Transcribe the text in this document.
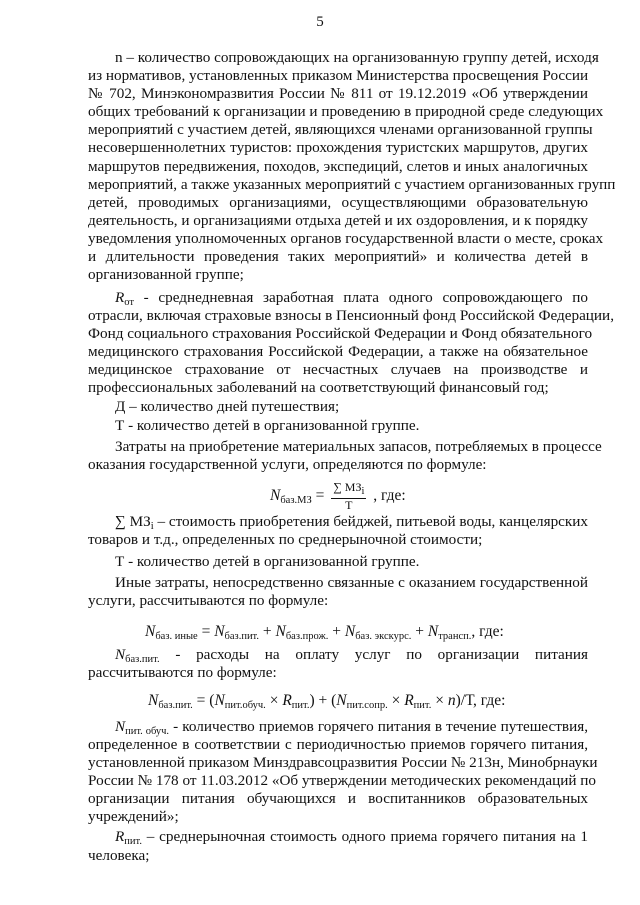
5
n – количество сопровождающих на организованную группу детей, исходя
из нормативов, установленных приказом Министерства просвещения России
№ 702, Минэкономразвития России № 811 от 19.12.2019 «Об утверждении
общих требований к организации и проведению в природной среде следующих
мероприятий с участием детей, являющихся членами организованной группы
несовершеннолетних туристов: прохождения туристских маршрутов, других
маршрутов передвижения, походов, экспедиций, слетов и иных аналогичных
мероприятий, а также указанных мероприятий с участием организованных групп
детей, проводимых организациями, осуществляющими образовательную
деятельность, и организациями отдыха детей и их оздоровления, и к порядку
уведомления уполномоченных органов государственной власти о месте, сроках
и длительности проведения таких мероприятий» и количества детей в
организованной группе;
$R_{от}$ - среднедневная заработная плата одного сопровождающего по
отрасли, включая страховые взносы в Пенсионный фонд Российской Федерации,
Фонд социального страхования Российской Федерации и Фонд обязательного
медицинского страхования Российской Федерации, а также на обязательное
медицинское страхование от несчастных случаев на производстве и
профессиональных заболеваний на соответствующий финансовый год;
Д – количество дней путешествия;
Т - количество детей в организованной группе.
Затраты на приобретение материальных запасов, потребляемых в процессе
оказания государственной услуги, определяются по формуле:
$N_{баз.МЗ} = \frac{\sum МЗ_i}{Т}$ , где:
∑ $МЗ_i$ – стоимость приобретения бейджей, питьевой воды, канцелярских
товаров и т.д., определенных по среднерыночной стоимости;
Т - количество детей в организованной группе.
Иные затраты, непосредственно связанные с оказанием государственной
услуги, рассчитываются по формуле:
$N_{баз. иные} = N_{баз.пит.} + N_{баз.прож.} + N_{баз. экскурс.} + N_{трансп.}$, где:
$N_{баз.пит.}$ - расходы на оплату услуг по организации питания
рассчитываются по формуле:
$N_{баз.пит.} = (N_{пит.обуч.} \times R_{пит.}) + (N_{пит.сопр.} \times R_{пит.} \times n)/Т$, где:
$N_{пит. обуч.}$ - количество приемов горячего питания в течение путешествия,
определенное в соответствии с периодичностью приемов горячего питания,
установленной приказом Минздравсоцразвития России № 213н, Минобрнауки
России № 178 от 11.03.2012 «Об утверждении методических рекомендаций по
организации питания обучающихся и воспитанников образовательных
учреждений»;
$R_{пит.}$ – среднерыночная стоимость одного приема горячего питания на 1
человека;
